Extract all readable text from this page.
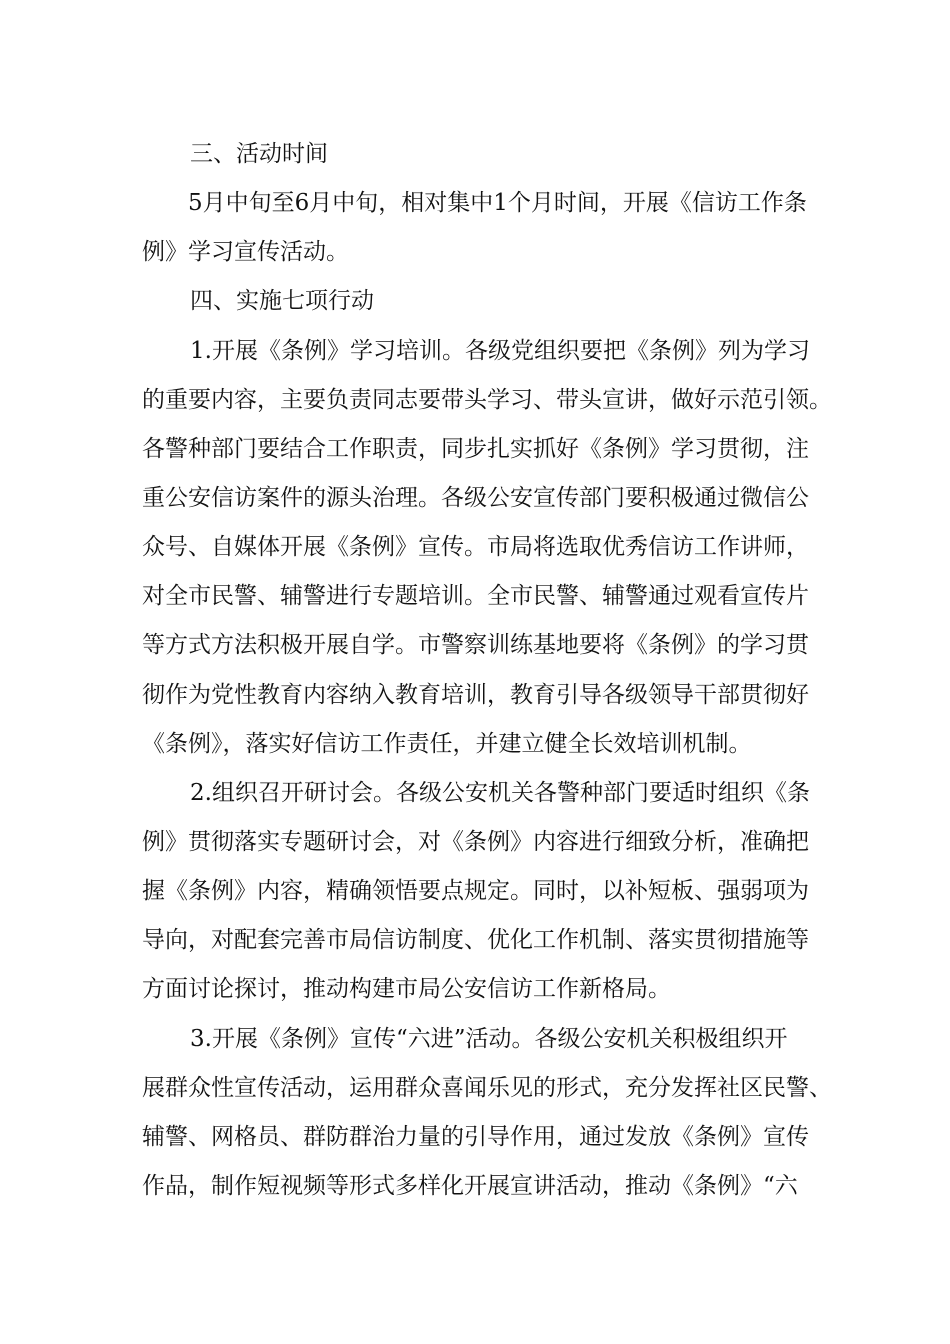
三、活动时间
5月中旬至6月中旬，相对集中1个月时间，开展《信访工作条
例》学习宣传活动。
四、实施七项行动
1.开展《条例》学习培训。各级党组织要把《条例》列为学习
的重要内容，主要负责同志要带头学习、带头宣讲，做好示范引领。
各警种部门要结合工作职责，同步扎实抓好《条例》学习贯彻，注
重公安信访案件的源头治理。各级公安宣传部门要积极通过微信公
众号、自媒体开展《条例》宣传。市局将选取优秀信访工作讲师，
对全市民警、辅警进行专题培训。全市民警、辅警通过观看宣传片
等方式方法积极开展自学。市警察训练基地要将《条例》的学习贯
彻作为党性教育内容纳入教育培训，教育引导各级领导干部贯彻好
《条例》，落实好信访工作责任，并建立健全长效培训机制。
2.组织召开研讨会。各级公安机关各警种部门要适时组织《条
例》贯彻落实专题研讨会，对《条例》内容进行细致分析，准确把
握《条例》内容，精确领悟要点规定。同时，以补短板、强弱项为
导向，对配套完善市局信访制度、优化工作机制、落实贯彻措施等
方面讨论探讨，推动构建市局公安信访工作新格局。
3.开展《条例》宣传“六进”活动。各级公安机关积极组织开
展群众性宣传活动，运用群众喜闻乐见的形式，充分发挥社区民警、
辅警、网格员、群防群治力量的引导作用，通过发放《条例》宣传
作品，制作短视频等形式多样化开展宣讲活动，推动《条例》“六
